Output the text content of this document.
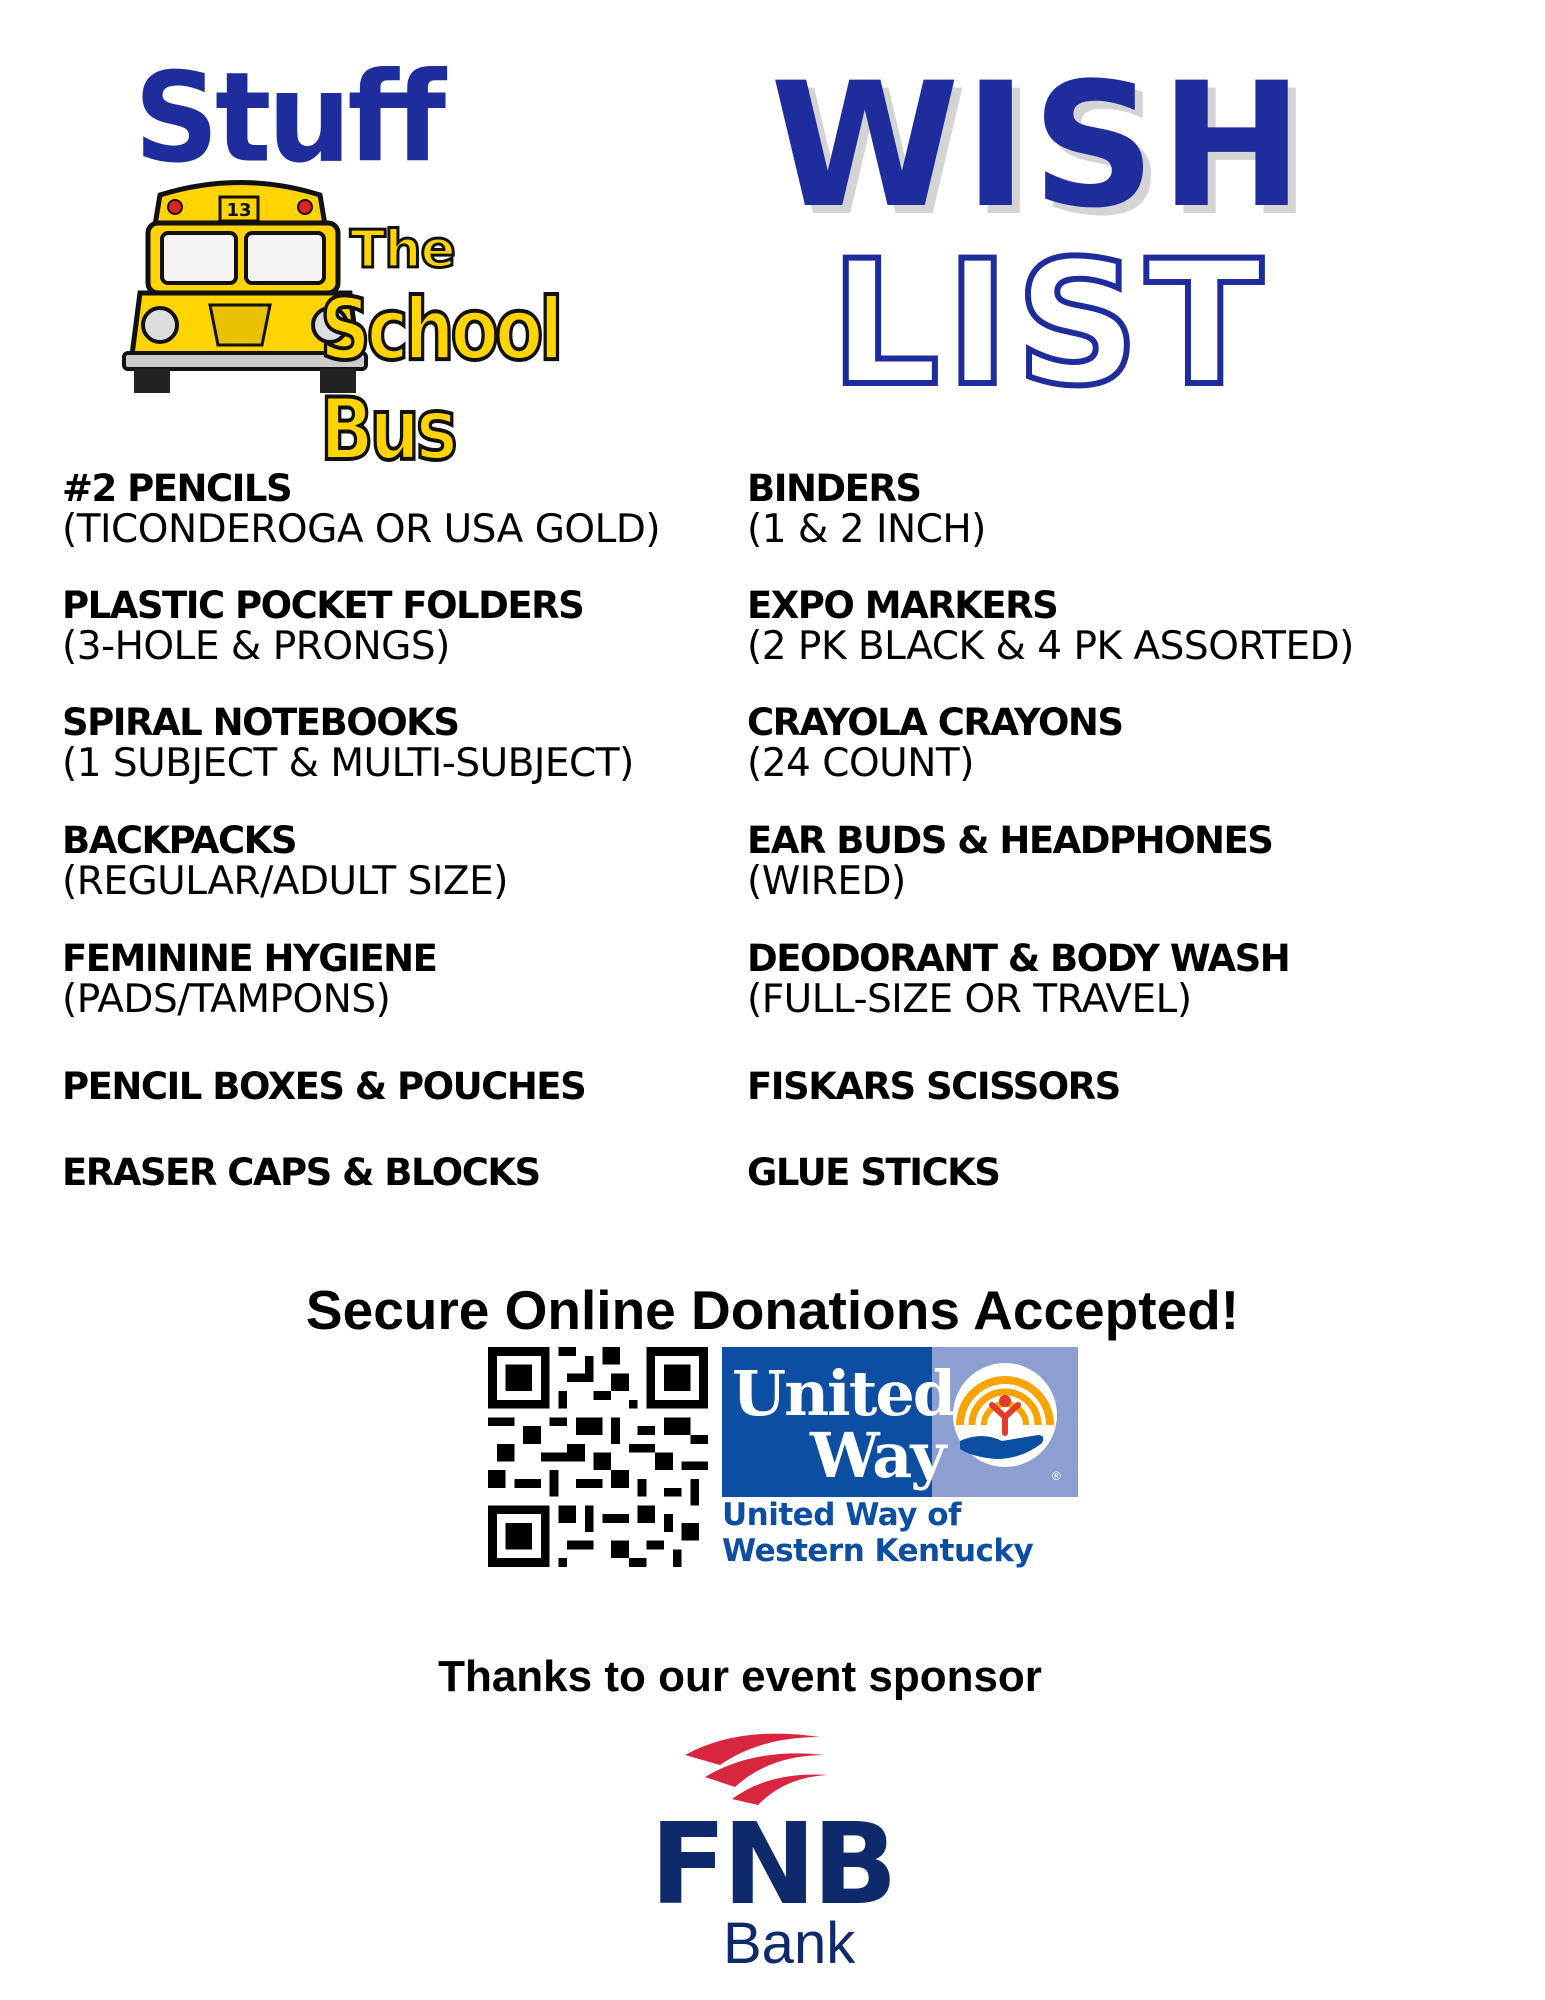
13
Stuff
The
School Bus
WISH
LIST
#2 PENCILS
(TICONDEROGA OR USA GOLD)
PLASTIC POCKET FOLDERS
(3-HOLE & PRONGS)
SPIRAL NOTEBOOKS
(1 SUBJECT & MULTI-SUBJECT)
BACKPACKS
(REGULAR/ADULT SIZE)
FEMININE HYGIENE
(PADS/TAMPONS)
PENCIL BOXES & POUCHES
ERASER CAPS & BLOCKS
BINDERS
(1 & 2 INCH)
EXPO MARKERS
(2 PK BLACK & 4 PK ASSORTED)
CRAYOLA CRAYONS
(24 COUNT)
EAR BUDS & HEADPHONES
(WIRED)
DEODORANT & BODY WASH
(FULL-SIZE OR TRAVEL)
FISKARS SCISSORS
GLUE STICKS
Secure Online Donations Accepted!
United
Way	®
United Way of
Western Kentucky
Thanks to our event sponsor
FNB
Bank
